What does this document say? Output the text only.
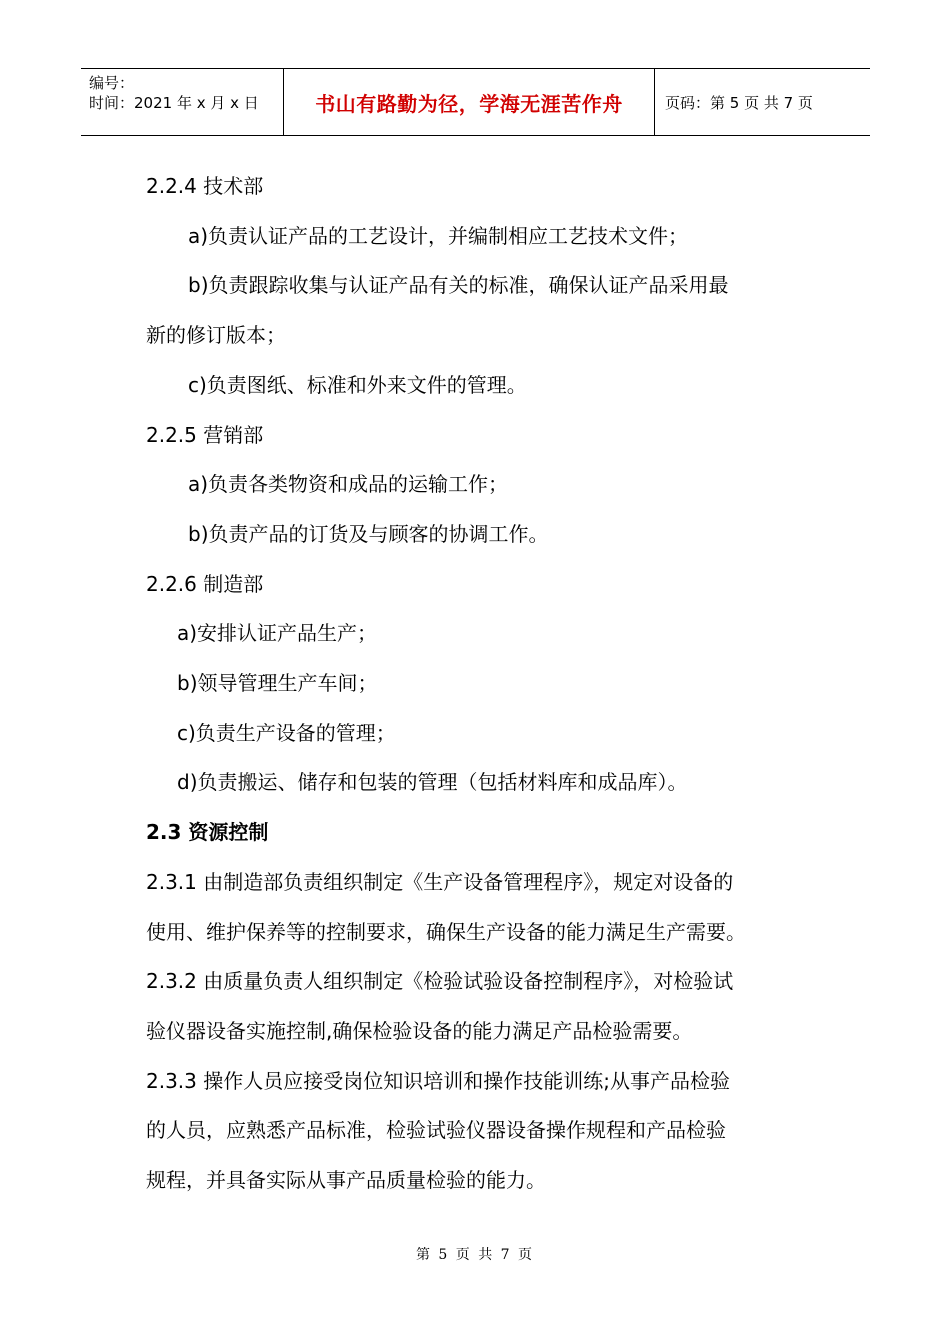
编号：
时间：2021 年 x 月 x 日	书山有路勤为径，学海无涯苦作舟	页码：第 5 页 共 7 页

2.2.4 技术部

a)负责认证产品的工艺设计，并编制相应工艺技术文件；

b)负责跟踪收集与认证产品有关的标准，确保认证产品采用最

新的修订版本；

c)负责图纸、标准和外来文件的管理。

2.2.5 营销部

a)负责各类物资和成品的运输工作；

b)负责产品的订货及与顾客的协调工作。

2.2.6 制造部

a)安排认证产品生产；

b)领导管理生产车间；

c)负责生产设备的管理；

d)负责搬运、储存和包装的管理（包括材料库和成品库）。

2.3 资源控制

2.3.1 由制造部负责组织制定《生产设备管理程序》，规定对设备的

使用、维护保养等的控制要求，确保生产设备的能力满足生产需要。

2.3.2 由质量负责人组织制定《检验试验设备控制程序》，对检验试

验仪器设备实施控制,确保检验设备的能力满足产品检验需要。

2.3.3 操作人员应接受岗位知识培训和操作技能训练;从事产品检验

的人员，应熟悉产品标准，检验试验仪器设备操作规程和产品检验

规程，并具备实际从事产品质量检验的能力。

第 5 页 共 7 页
